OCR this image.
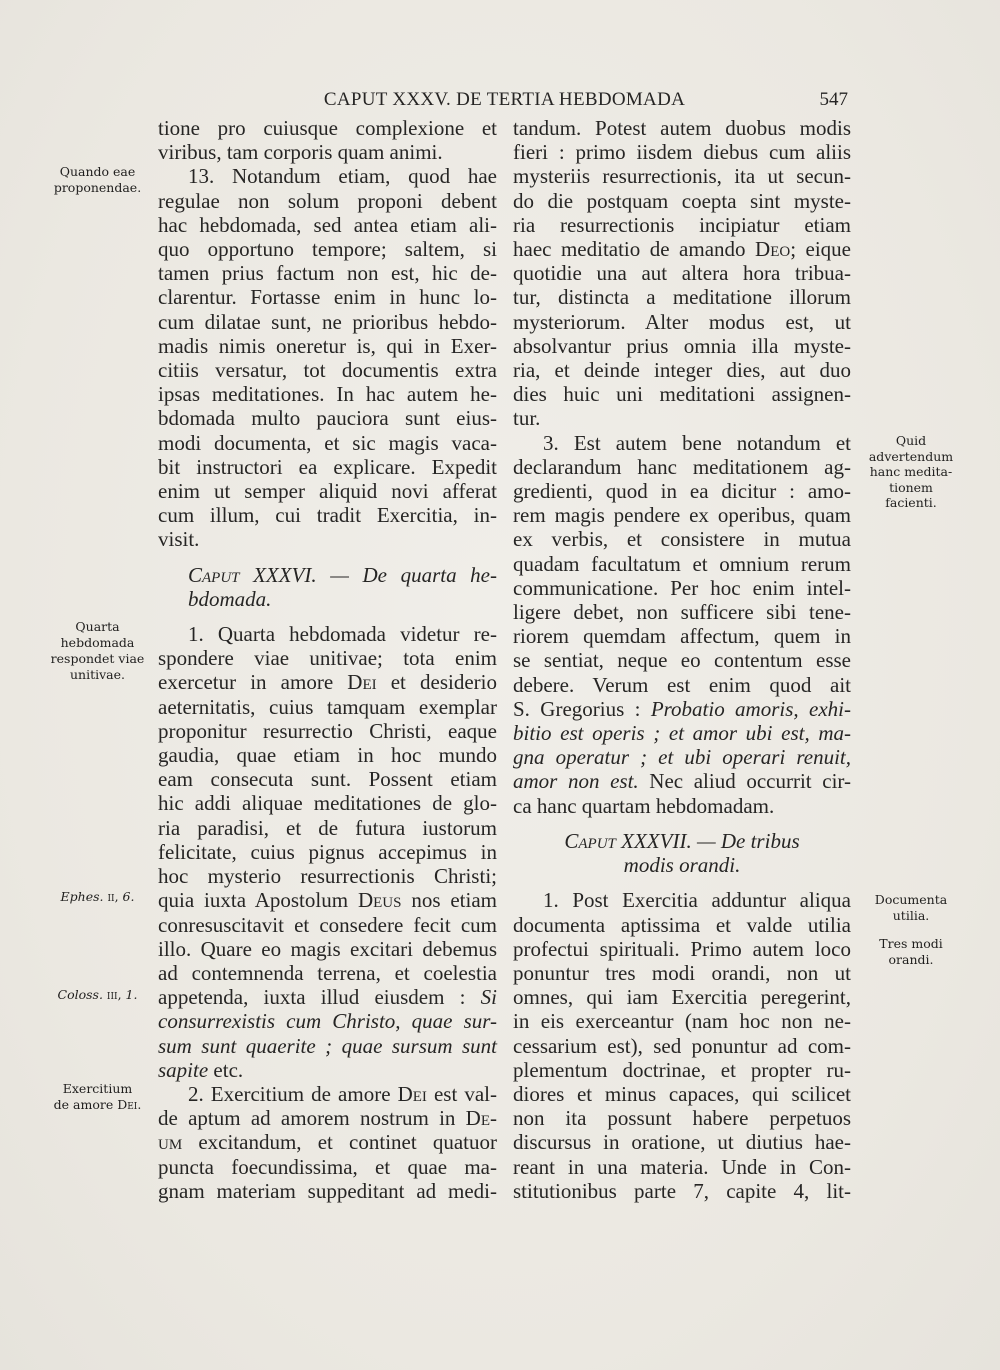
CAPUT XXXV. DE TERTIA HEBDOMADA	547
tione pro cuiusque complexione et
viribus, tam corporis quam animi.
13. Notandum etiam, quod hae
regulae non solum proponi debent
hac hebdomada, sed antea etiam ali-
quo opportuno tempore; saltem, si
tamen prius factum non est, hic de-
clarentur. Fortasse enim in hunc lo-
cum dilatae sunt, ne prioribus hebdo-
madis nimis oneretur is, qui in Exer-
citiis versatur, tot documentis extra
ipsas meditationes. In hac autem he-
bdomada multo pauciora sunt eius-
modi documenta, et sic magis vaca-
bit instructori ea explicare. Expedit
enim ut semper aliquid novi afferat
cum illum, cui tradit Exercitia, in-
visit.
Caput XXXVI. — De quarta he-
bdomada.
1. Quarta hebdomada videtur re-
spondere viae unitivae; tota enim
exercetur in amore Dei et desiderio
aeternitatis, cuius tamquam exemplar
proponitur resurrectio Christi, eaque
gaudia, quae etiam in hoc mundo
eam consecuta sunt. Possent etiam
hic addi aliquae meditationes de glo-
ria paradisi, et de futura iustorum
felicitate, cuius pignus accepimus in
hoc mysterio resurrectionis Christi;
quia iuxta Apostolum Deus nos etiam
conresuscitavit et consedere fecit cum
illo. Quare eo magis excitari debemus
ad contemnenda terrena, et coelestia
appetenda, iuxta illud eiusdem : Si
consurrexistis cum Christo, quae sur-
sum sunt quaerite ; quae sursum sunt
sapite etc.
2. Exercitium de amore Dei est val-
de aptum ad amorem nostrum in De-
um excitandum, et continet quatuor
puncta foecundissima, et quae ma-
gnam materiam suppeditant ad medi-
tandum. Potest autem duobus modis
fieri : primo iisdem diebus cum aliis
mysteriis resurrectionis, ita ut secun-
do die postquam coepta sint myste-
ria resurrectionis incipiatur etiam
haec meditatio de amando Deo; eique
quotidie una aut altera hora tribua-
tur, distincta a meditatione illorum
mysteriorum. Alter modus est, ut
absolvantur prius omnia illa myste-
ria, et deinde integer dies, aut duo
dies huic uni meditationi assignen-
tur.
3. Est autem bene notandum et
declarandum hanc meditationem ag-
gredienti, quod in ea dicitur : amo-
rem magis pendere ex operibus, quam
ex verbis, et consistere in mutua
quadam facultatum et omnium rerum
communicatione. Per hoc enim intel-
ligere debet, non sufficere sibi tene-
riorem quemdam affectum, quem in
se sentiat, neque eo contentum esse
debere. Verum est enim quod ait
S. Gregorius : Probatio amoris, exhi-
bitio est operis ; et amor ubi est, ma-
gna operatur ; et ubi operari renuit,
amor non est. Nec aliud occurrit cir-
ca hanc quartam hebdomadam.
Caput XXXVII. — De tribus
modis orandi.
1. Post Exercitia adduntur aliqua
documenta aptissima et valde utilia
profectui spirituali. Primo autem loco
ponuntur tres modi orandi, non ut
omnes, qui iam Exercitia peregerint,
in eis exerceantur (nam hoc non ne-
cessarium est), sed ponuntur ad com-
plementum doctrinae, et propter ru-
diores et minus capaces, qui scilicet
non ita possunt habere perpetuos
discursus in oratione, ut diutius hae-
reant in una materia. Unde in Con-
stitutionibus parte 7, capite 4, lit-
Quando eae
proponendae.
Quarta
hebdomada
respondet viae
unitivae.
Ephes. II, 6.
Coloss. III, 1.
Exercitium
de amore Dei.
Quid
advertendum
hanc medita-
tionem
facienti.
Documenta
utilia.
Tres modi
orandi.
